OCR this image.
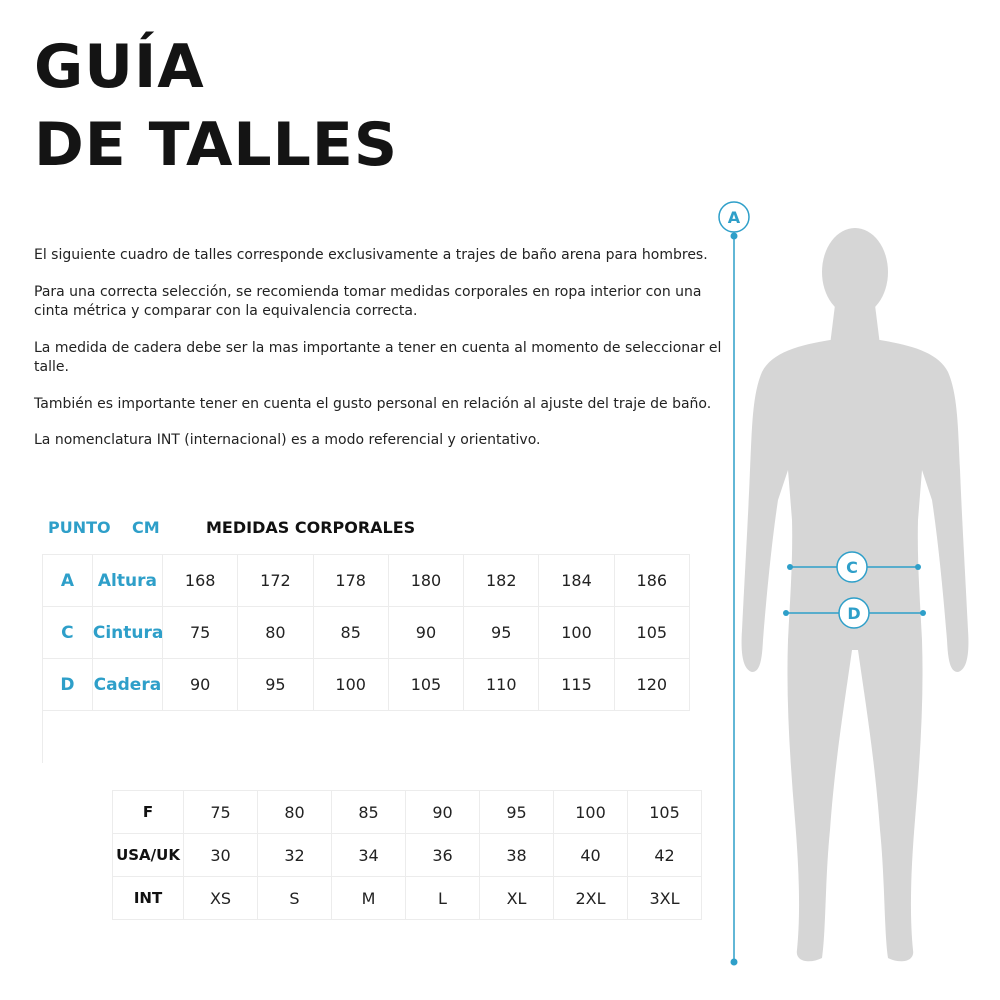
GUÍA
DE TALLES

El siguiente cuadro de talles corresponde exclusivamente a trajes de baño arena para hombres.

Para una correcta selección, se recomienda tomar medidas corporales en ropa interior con una cinta métrica y comparar con la equivalencia correcta.

La medida de cadera debe ser la mas importante a tener en cuenta al momento de seleccionar el talle.

También es importante tener en cuenta el gusto personal en relación al ajuste del traje de baño.

La nomenclatura INT (internacional) es a modo referencial y orientativo.

PUNTO CM	MEDIDAS CORPORALES
A	Altura	168	172	178	180	182	184	186
C	Cintura	75	80	85	90	95	100	105
D	Cadera	90	95	100	105	110	115	120

F	75	80	85	90	95	100	105
USA/UK	30	32	34	36	38	40	42
INT	XS	S	M	L	XL	2XL	3XL
A
C
D
